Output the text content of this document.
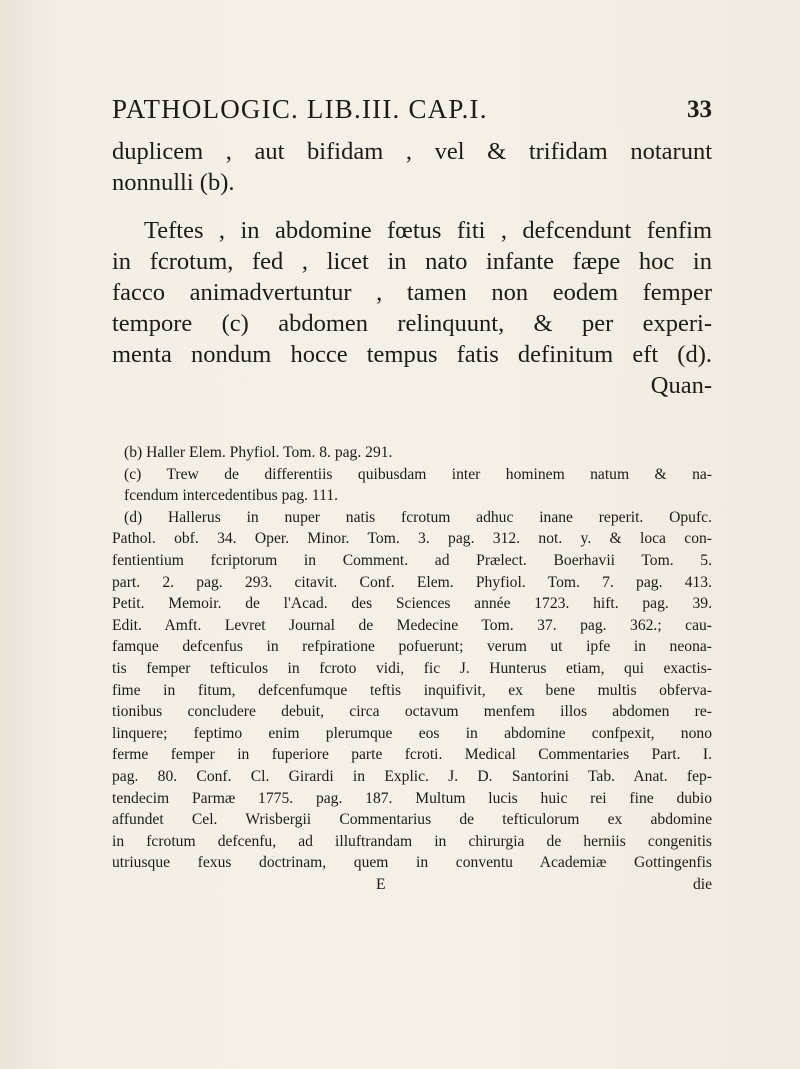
PATHOLOGIC. LIB.III. CAP.I.	33

duplicem , aut bifidam , vel & trifidam notarunt
nonnulli (b).

Teftes , in abdomine fœtus fiti , defcendunt fenfim
in fcrotum, fed , licet in nato infante fæpe hoc in
facco animadvertuntur , tamen non eodem femper
tempore (c) abdomen relinquunt, & per experi-
menta nondum hocce tempus fatis definitum eft (d).

Quan-
(b) Haller Elem. Phyfiol. Tom. 8. pag. 291.
(c) Trew de differentiis quibusdam inter hominem natum & na-
fcendum intercedentibus pag. 111.
(d) Hallerus in nuper natis fcrotum adhuc inane reperit. Opufc.
Pathol. obf. 34. Oper. Minor. Tom. 3. pag. 312. not. y. & loca con-
fentientium fcriptorum in Comment. ad Prælect. Boerhavii Tom. 5.
part. 2. pag. 293. citavit. Conf. Elem. Phyfiol. Tom. 7. pag. 413.
Petit. Memoir. de l'Acad. des Sciences année 1723. hift. pag. 39.
Edit. Amft. Levret Journal de Medecine Tom. 37. pag. 362.; cau-
famque defcenfus in refpiratione pofuerunt; verum ut ipfe in neona-
tis femper tefticulos in fcroto vidi, fic J. Hunterus etiam, qui exactis-
fime in fitum, defcenfumque teftis inquifivit, ex bene multis obferva-
tionibus concludere debuit, circa octavum menfem illos abdomen re-
linquere; feptimo enim plerumque eos in abdomine confpexit, nono
ferme femper in fuperiore parte fcroti. Medical Commentaries Part. I.
pag. 80. Conf. Cl. Girardi in Explic. J. D. Santorini Tab. Anat. fep-
tendecim Parmæ 1775. pag. 187. Multum lucis huic rei fine dubio
affundet Cel. Wrisbergii Commentarius de tefticulorum ex abdomine
in fcrotum defcenfu, ad illuftrandam in chirurgia de herniis congenitis
utriusque fexus doctrinam, quem in conventu Academiæ Gottingenfis
E	die
